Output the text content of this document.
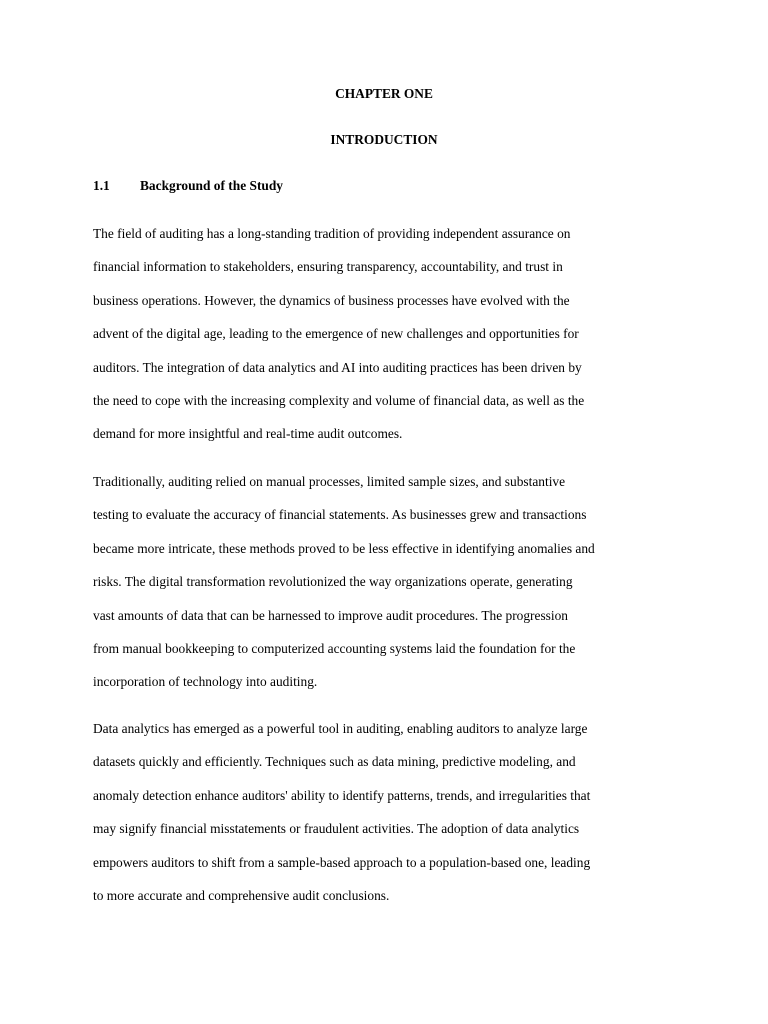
CHAPTER ONE
INTRODUCTION
1.1	Background of the Study

The field of auditing has a long-standing tradition of providing independent assurance on
financial information to stakeholders, ensuring transparency, accountability, and trust in
business operations. However, the dynamics of business processes have evolved with the
advent of the digital age, leading to the emergence of new challenges and opportunities for
auditors. The integration of data analytics and AI into auditing practices has been driven by
the need to cope with the increasing complexity and volume of financial data, as well as the
demand for more insightful and real-time audit outcomes.

Traditionally, auditing relied on manual processes, limited sample sizes, and substantive
testing to evaluate the accuracy of financial statements. As businesses grew and transactions
became more intricate, these methods proved to be less effective in identifying anomalies and
risks. The digital transformation revolutionized the way organizations operate, generating
vast amounts of data that can be harnessed to improve audit procedures. The progression
from manual bookkeeping to computerized accounting systems laid the foundation for the
incorporation of technology into auditing.

Data analytics has emerged as a powerful tool in auditing, enabling auditors to analyze large
datasets quickly and efficiently. Techniques such as data mining, predictive modeling, and
anomaly detection enhance auditors' ability to identify patterns, trends, and irregularities that
may signify financial misstatements or fraudulent activities. The adoption of data analytics
empowers auditors to shift from a sample-based approach to a population-based one, leading
to more accurate and comprehensive audit conclusions.
